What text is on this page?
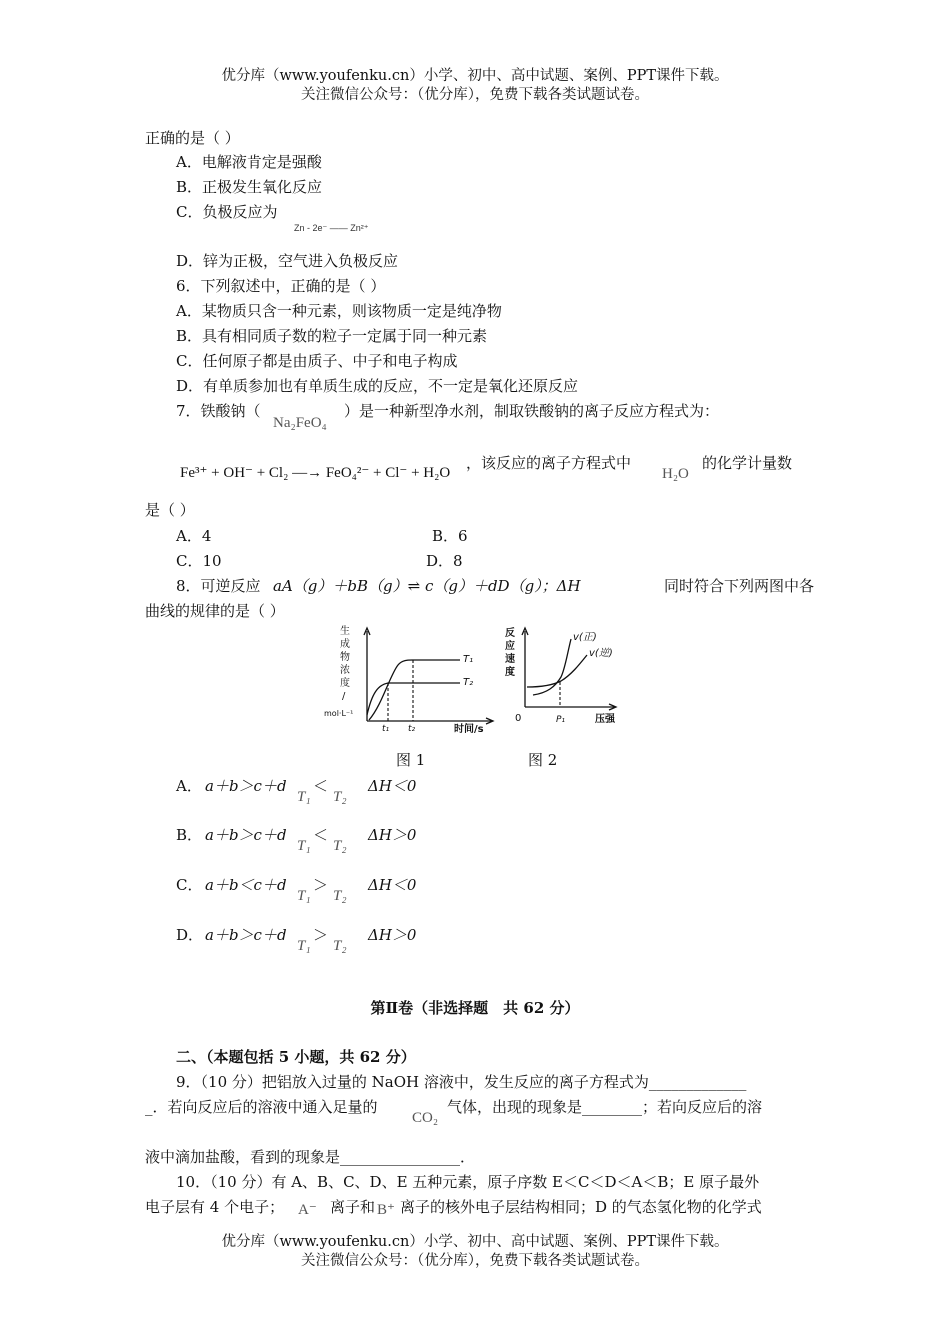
优分库（www.youfenku.cn）小学、初中、高中试题、案例、PPT课件下载。
关注微信公众号：（优分库），免费下载各类试题试卷。
正确的是（ ）
A．电解液肯定是强酸
B．正极发生氧化反应
C．负极反应为
Zn - 2e⁻ —— Zn²⁺
D．锌为正极，空气进入负极反应
6．下列叙述中，正确的是（ ）
A．某物质只含一种元素，则该物质一定是纯净物
B．具有相同质子数的粒子一定属于同一种元素
C．任何原子都是由质子、中子和电子构成
D．有单质参加也有单质生成的反应，不一定是氧化还原反应
7．铁酸钠（
Na₂FeO₄
）是一种新型净水剂，制取铁酸钠的离子反应方程式为：
Fe³⁺ + OH⁻ + Cl₂ —→ FeO₄²⁻ + Cl⁻ + H₂O
，该反应的离子方程式中
H₂O
的化学计量数
是（ ）
A．4	B．6
C．10	D．8
8．可逆反应 aA（g）＋bB（g）⇌ c（g）＋dD（g）；ΔH	同时符合下列两图中各
曲线的规律的是（ ）
生
成
物
浓
度
/
mol·L⁻¹
T₁
T₂
t₁ t₂	时间/s
反
应
速
度
v(正)
v(逆)
0	P₁	压强
图 1	图 2
A． a＋b＞c＋d
T₁
＜
T₂
ΔH＜0
B． a＋b＞c＋d
T₁
＜
T₂
ΔH＞0
C． a＋b＜c＋d
T₁
＞
T₂
ΔH＜0
D． a＋b＞c＋d
T₁
＞
T₂
ΔH＞0
第Ⅱ卷（非选择题　共 62 分）
二、（本题包括 5 小题，共 62 分）
9．（10 分）把铝放入过量的 NaOH 溶液中，发生反应的离子方程式为_____________
_．若向反应后的溶液中通入足量的
CO₂
气体，出现的现象是________；若向反应后的溶
液中滴加盐酸，看到的现象是________________．
10．（10 分）有 A、B、C、D、E 五种元素，原子序数 E＜C＜D＜A＜B；E 原子最外
电子层有 4 个电子； A⁻ 离子和 B⁺ 离子的核外电子层结构相同；D 的气态氢化物的化学式
优分库（www.youfenku.cn）小学、初中、高中试题、案例、PPT课件下载。
关注微信公众号：（优分库），免费下载各类试题试卷。
